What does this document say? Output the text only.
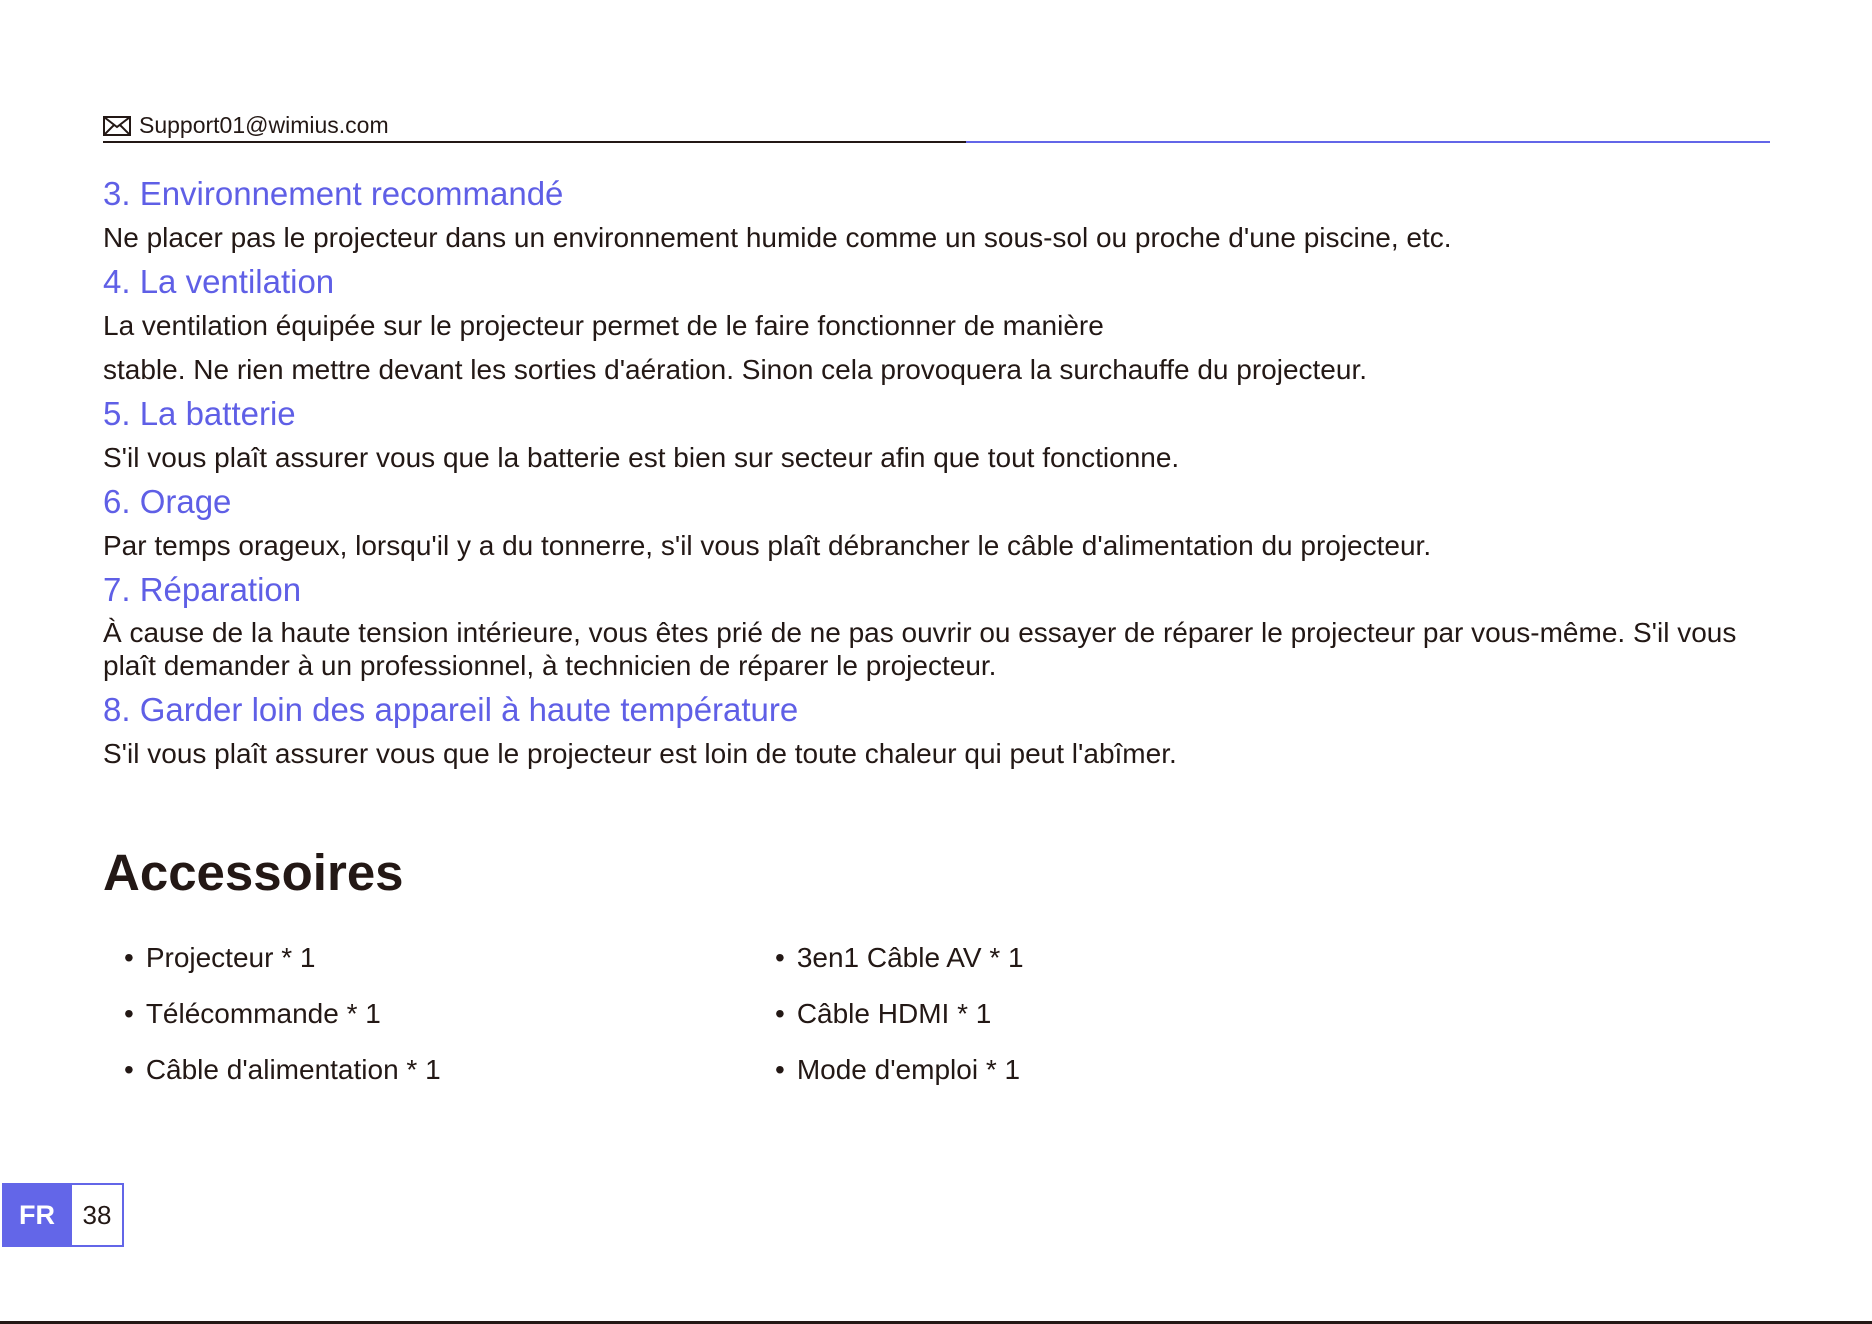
Support01@wimius.com
3. Environnement recommandé

Ne placer pas le projecteur dans un environnement humide comme un sous-sol ou proche d'une piscine, etc.

4. La ventilation

La ventilation équipée sur le projecteur permet de le faire fonctionner de manière

stable. Ne rien mettre devant les sorties d'aération. Sinon cela provoquera la surchauffe du projecteur.

5. La batterie

S'il vous plaît assurer vous que la batterie est bien sur secteur afin que tout fonctionne.

6. Orage

Par temps orageux, lorsqu'il y a du tonnerre, s'il vous plaît débrancher le câble d'alimentation du projecteur.

7. Réparation

À cause de la haute tension intérieure, vous êtes prié de ne pas ouvrir ou essayer de réparer le projecteur par vous-même. S'il vous plaît demander à un professionnel, à technicien de réparer le projecteur.

8. Garder loin des appareil à haute température

S'il vous plaît assurer vous que le projecteur est loin de toute chaleur qui peut l'abîmer.

Accessoires
• Projecteur * 1
• Télécommande * 1
• Câble d'alimentation * 1
• 3en1 Câble AV * 1
• Câble HDMI * 1
• Mode d'emploi * 1
FR	38
